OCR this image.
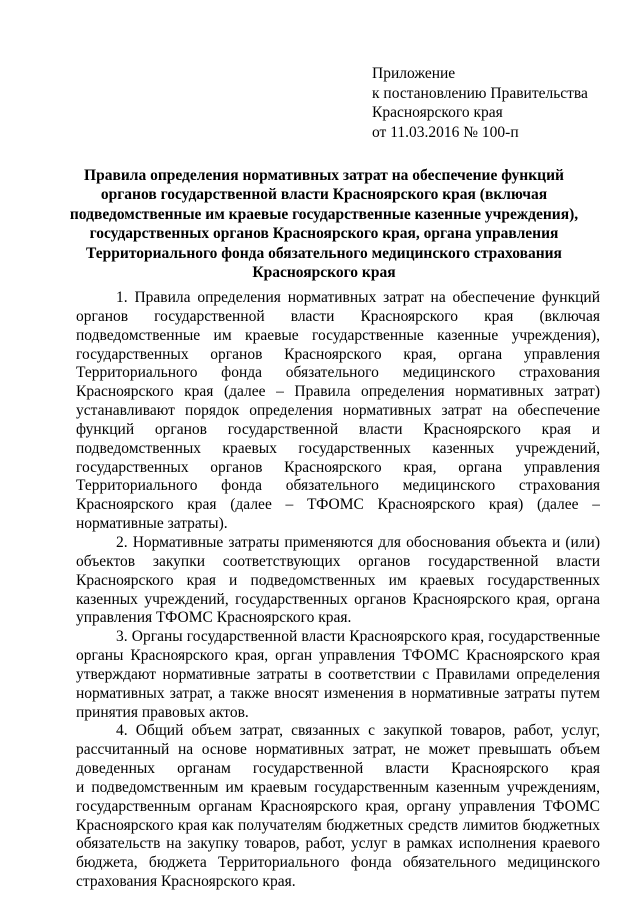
Приложение
к постановлению Правительства
Красноярского края
от 11.03.2016 № 100-п
Правила определения нормативных затрат на обеспечение функций
органов государственной власти Красноярского края (включая
подведомственные им краевые государственные казенные учреждения),
государственных органов Красноярского края, органа управления
Территориального фонда обязательного медицинского страхования
Красноярского края
1. Правила определения нормативных затрат на обеспечение функций
органов государственной власти Красноярского края (включая
подведомственные им краевые государственные казенные учреждения),
государственных органов Красноярского края, органа управления
Территориального фонда обязательного медицинского страхования
Красноярского края (далее – Правила определения нормативных затрат)
устанавливают порядок определения нормативных затрат на обеспечение
функций органов государственной власти Красноярского края и
подведомственных краевых государственных казенных учреждений,
государственных органов Красноярского края, органа управления
Территориального фонда обязательного медицинского страхования
Красноярского края (далее – ТФОМС Красноярского края) (далее –
нормативные затраты).
2. Нормативные затраты применяются для обоснования объекта и (или)
объектов закупки соответствующих органов государственной власти
Красноярского края и подведомственных им краевых государственных
казенных учреждений, государственных органов Красноярского края, органа
управления ТФОМС Красноярского края.
3. Органы государственной власти Красноярского края, государственные
органы Красноярского края, орган управления ТФОМС Красноярского края
утверждают нормативные затраты в соответствии с Правилами определения
нормативных затрат, а также вносят изменения в нормативные затраты путем
принятия правовых актов.
4. Общий объем затрат, связанных с закупкой товаров, работ, услуг,
рассчитанный на основе нормативных затрат, не может превышать объем
доведенных органам государственной власти Красноярского края
и подведомственным им краевым государственным казенным учреждениям,
государственным органам Красноярского края, органу управления ТФОМС
Красноярского края как получателям бюджетных средств лимитов бюджетных
обязательств на закупку товаров, работ, услуг в рамках исполнения краевого
бюджета, бюджета Территориального фонда обязательного медицинского
страхования Красноярского края.
